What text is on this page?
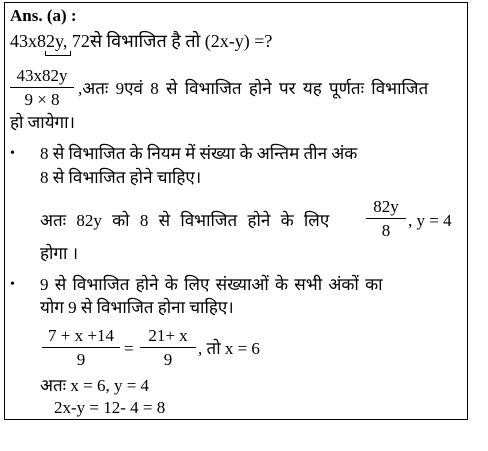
Ans. (a) :
43x82y, 72से विभाजित है तो (2x-y) =?
43x82y
9 × 8
,अतः 9एवं 8 से विभाजित होने पर यह पूर्णतः विभाजित
हो जायेगा।
• 8 से विभाजित के नियम में संख्या के अन्तिम तीन अंक
8 से विभाजित होने चाहिए।
अतः 82y को 8 से विभाजित होने के लिए
82y
8
, y = 4
होगा ।
• 9 से विभाजित होने के लिए संख्याओं के सभी अंकों का
योग 9 से विभाजित होना चाहिए।
7 + x +14
9
=
21+ x
9
, तो x = 6
अतः x = 6, y = 4
2x-y = 12- 4 = 8
